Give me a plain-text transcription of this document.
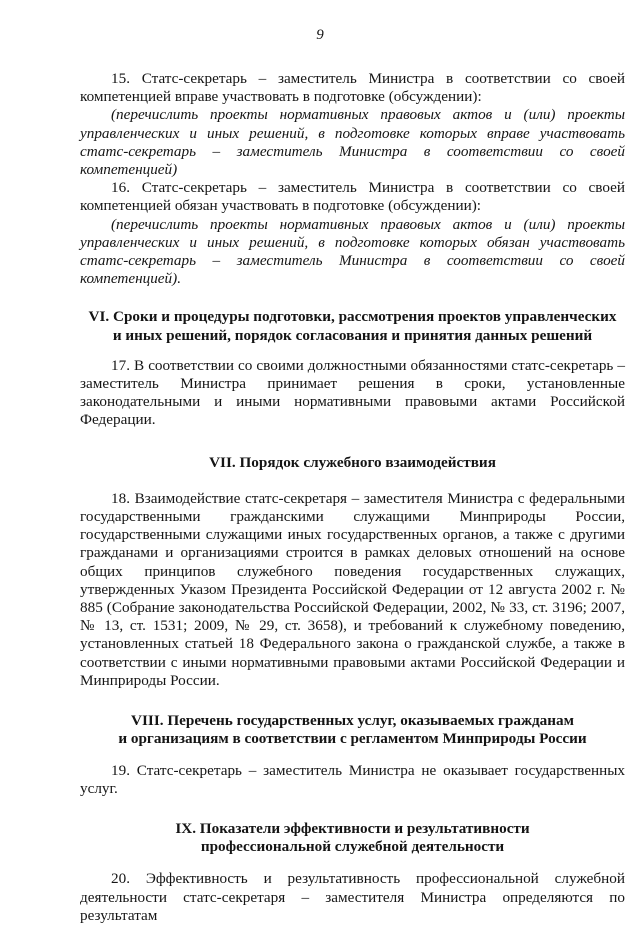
9

15. Статс-секретарь – заместитель Министра в соответствии со своей компетенцией вправе участвовать в подготовке (обсуждении):

(перечислить проекты нормативных правовых актов и (или) проекты управленческих и иных решений, в подготовке которых вправе участвовать статс-секретарь – заместитель Министра в соответствии со своей компетенцией)

16. Статс-секретарь – заместитель Министра в соответствии со своей компетенцией обязан участвовать в подготовке (обсуждении):

(перечислить проекты нормативных правовых актов и (или) проекты управленческих и иных решений, в подготовке которых обязан участвовать статс-секретарь – заместитель Министра в соответствии со своей компетенцией).

VI. Сроки и процедуры подготовки, рассмотрения проектов управленческих
и иных решений, порядок согласования и принятия данных решений

17. В соответствии со своими должностными обязанностями статс-секретарь – заместитель Министра принимает решения в сроки, установленные законодательными и иными нормативными правовыми актами Российской Федерации.

VII. Порядок служебного взаимодействия

18. Взаимодействие статс-секретаря – заместителя Министра с федеральными государственными гражданскими служащими Минприроды России, государственными служащими иных государственных органов, а также с другими гражданами и организациями строится в рамках деловых отношений на основе общих принципов служебного поведения государственных служащих, утвержденных Указом Президента Российской Федерации от 12 августа 2002 г. № 885 (Собрание законодательства Российской Федерации, 2002, № 33, ст. 3196; 2007, № 13, ст. 1531; 2009, № 29, ст. 3658), и требований к служебному поведению, установленных статьей 18 Федерального закона о гражданской службе, а также в соответствии с иными нормативными правовыми актами Российской Федерации и Минприроды России.

VIII. Перечень государственных услуг, оказываемых гражданам
и организациям в соответствии с регламентом Минприроды России

19. Статс-секретарь – заместитель Министра не оказывает государственных услуг.

IX. Показатели эффективности и результативности
профессиональной служебной деятельности

20. Эффективность и результативность профессиональной служебной деятельности статс-секретаря – заместителя Министра определяются по результатам
